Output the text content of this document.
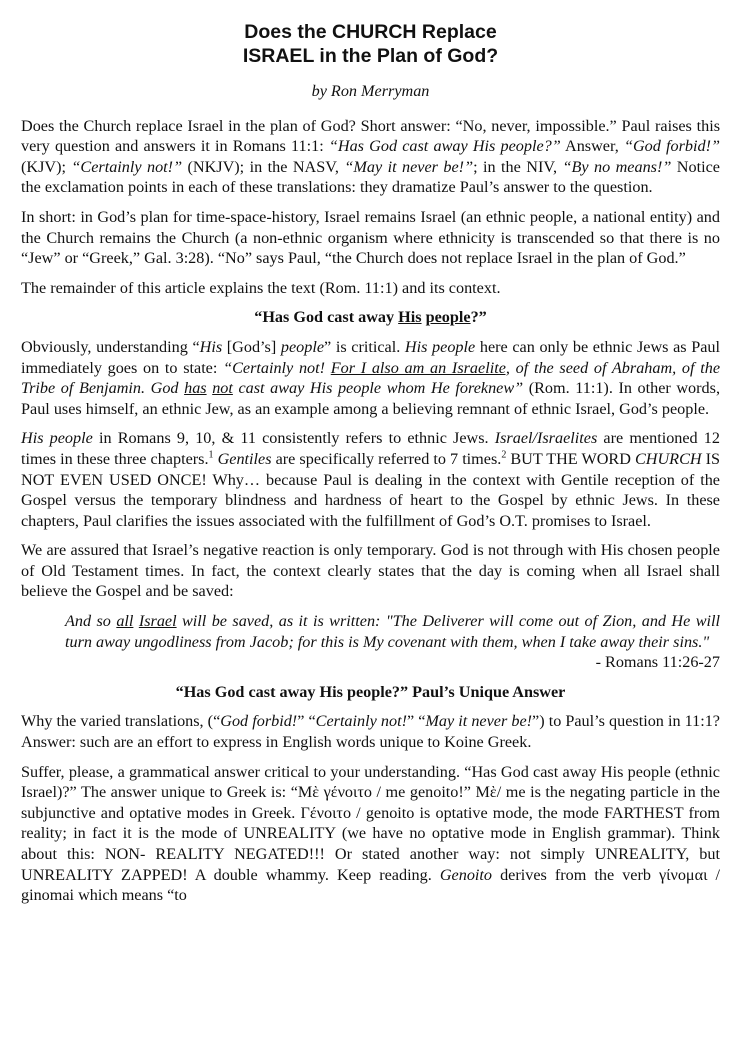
Does the CHURCH Replace
ISRAEL in the Plan of God?
by Ron Merryman

Does the Church replace Israel in the plan of God? Short answer: “No, never, impossible.” Paul raises this very question and answers it in Romans 11:1: “Has God cast away His people?” Answer, “God forbid!” (KJV); “Certainly not!” (NKJV); in the NASV, “May it never be!”; in the NIV, “By no means!” Notice the exclamation points in each of these translations: they dramatize Paul’s answer to the question.

In short: in God’s plan for time-space-history, Israel remains Israel (an ethnic people, a national entity) and the Church remains the Church (a non-ethnic organism where ethnicity is transcended so that there is no “Jew” or “Greek,” Gal. 3:28). “No” says Paul, “the Church does not replace Israel in the plan of God.”

The remainder of this article explains the text (Rom. 11:1) and its context.

“Has God cast away His people?”

Obviously, understanding “His [God’s] people” is critical. His people here can only be ethnic Jews as Paul immediately goes on to state: “Certainly not! For I also am an Israelite, of the seed of Abraham, of the Tribe of Benjamin. God has not cast away His people whom He foreknew” (Rom. 11:1). In other words, Paul uses himself, an ethnic Jew, as an example among a believing remnant of ethnic Israel, God’s people.

His people in Romans 9, 10, & 11 consistently refers to ethnic Jews. Israel/Israelites are mentioned 12 times in these three chapters.$^1$ Gentiles are specifically referred to 7 times.$^2$ BUT THE WORD CHURCH IS NOT EVEN USED ONCE! Why… because Paul is dealing in the context with Gentile reception of the Gospel versus the temporary blindness and hardness of heart to the Gospel by ethnic Jews. In these chapters, Paul clarifies the issues associated with the fulfillment of God’s O.T. promises to Israel.

We are assured that Israel’s negative reaction is only temporary. God is not through with His chosen people of Old Testament times. In fact, the context clearly states that the day is coming when all Israel shall believe the Gospel and be saved:

And so all Israel will be saved, as it is written: "The Deliverer will come out of Zion, and He will turn away ungodliness from Jacob; for this is My covenant with them, when I take away their sins."
- Romans 11:26-27
“Has God cast away His people?” Paul’s Unique Answer

Why the varied translations, (“God forbid!” “Certainly not!” “May it never be!”) to Paul’s question in 11:1? Answer: such are an effort to express in English words unique to Koine Greek.

Suffer, please, a grammatical answer critical to your understanding. “Has God cast away His people (ethnic Israel)?” The answer unique to Greek is: “Μὲ γένοιτο / me genoito!” Μὲ/ me is the negating particle in the subjunctive and optative modes in Greek. Γένοιτο / genoito is optative mode, the mode FARTHEST from reality; in fact it is the mode of UNREALITY (we have no optative mode in English grammar). Think about this: NON- REALITY NEGATED!!! Or stated another way: not simply UNREALITY, but UNREALITY ZAPPED! A double whammy. Keep reading. Genoito derives from the verb γίνομαι / ginomai which means “to
